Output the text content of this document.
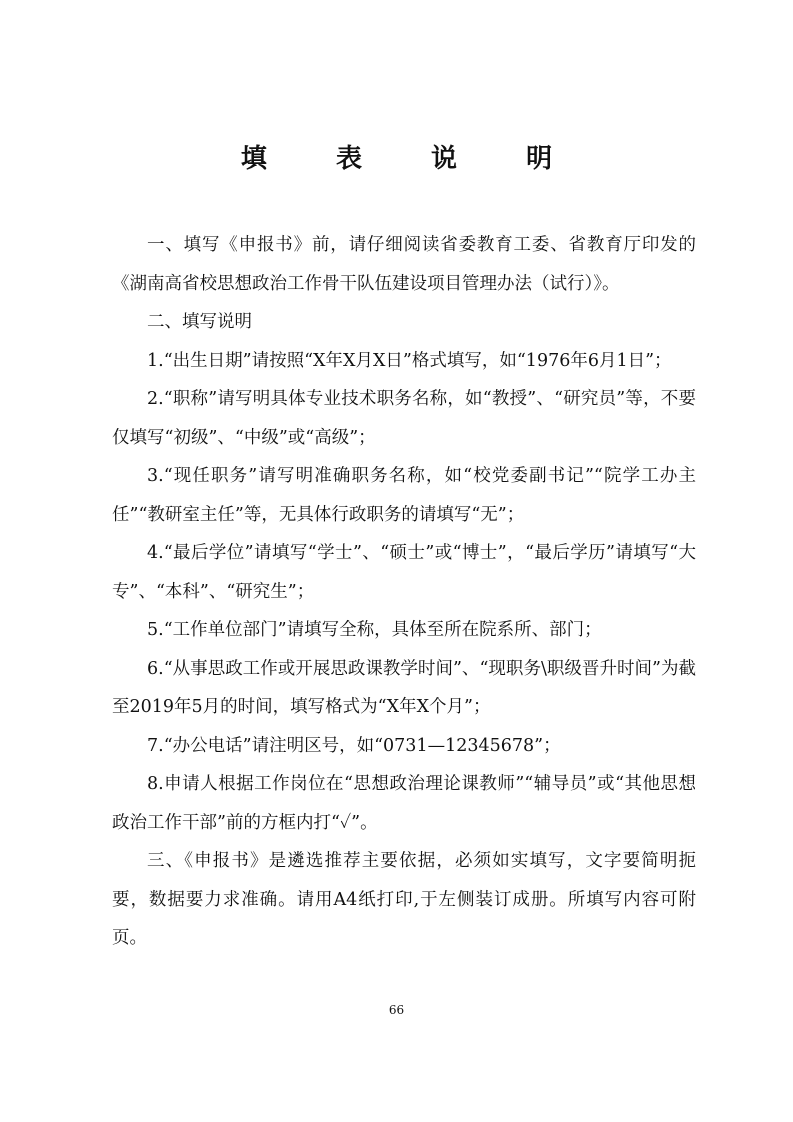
填 表 说 明

一、填写《申报书》前，请仔细阅读省委教育工委、省教育厅印发的《湖南高省校思想政治工作骨干队伍建设项目管理办法（试行）》。

二、填写说明

1.“出生日期”请按照“X年X月X日”格式填写，如“1976年6月1日”；

2.“职称”请写明具体专业技术职务名称，如“教授”、“研究员”等，不要仅填写“初级”、“中级”或“高级”；

3.“现任职务”请写明准确职务名称，如“校党委副书记”“院学工办主任”“教研室主任”等，无具体行政职务的请填写“无”；

4.“最后学位”请填写“学士”、“硕士”或“博士”，“最后学历”请填写“大专”、“本科”、“研究生”；

5.“工作单位部门”请填写全称，具体至所在院系所、部门；

6.“从事思政工作或开展思政课教学时间”、“现职务\职级晋升时间”为截至2019年5月的时间，填写格式为“X年X个月”；

7.“办公电话”请注明区号，如“0731—12345678”；

8.申请人根据工作岗位在“思想政治理论课教师”“辅导员”或“其他思想政治工作干部”前的方框内打“✓”。

三、《申报书》是遴选推荐主要依据，必须如实填写，文字要简明扼要，数据要力求准确。请用A4纸打印,于左侧装订成册。所填写内容可附页。

66
